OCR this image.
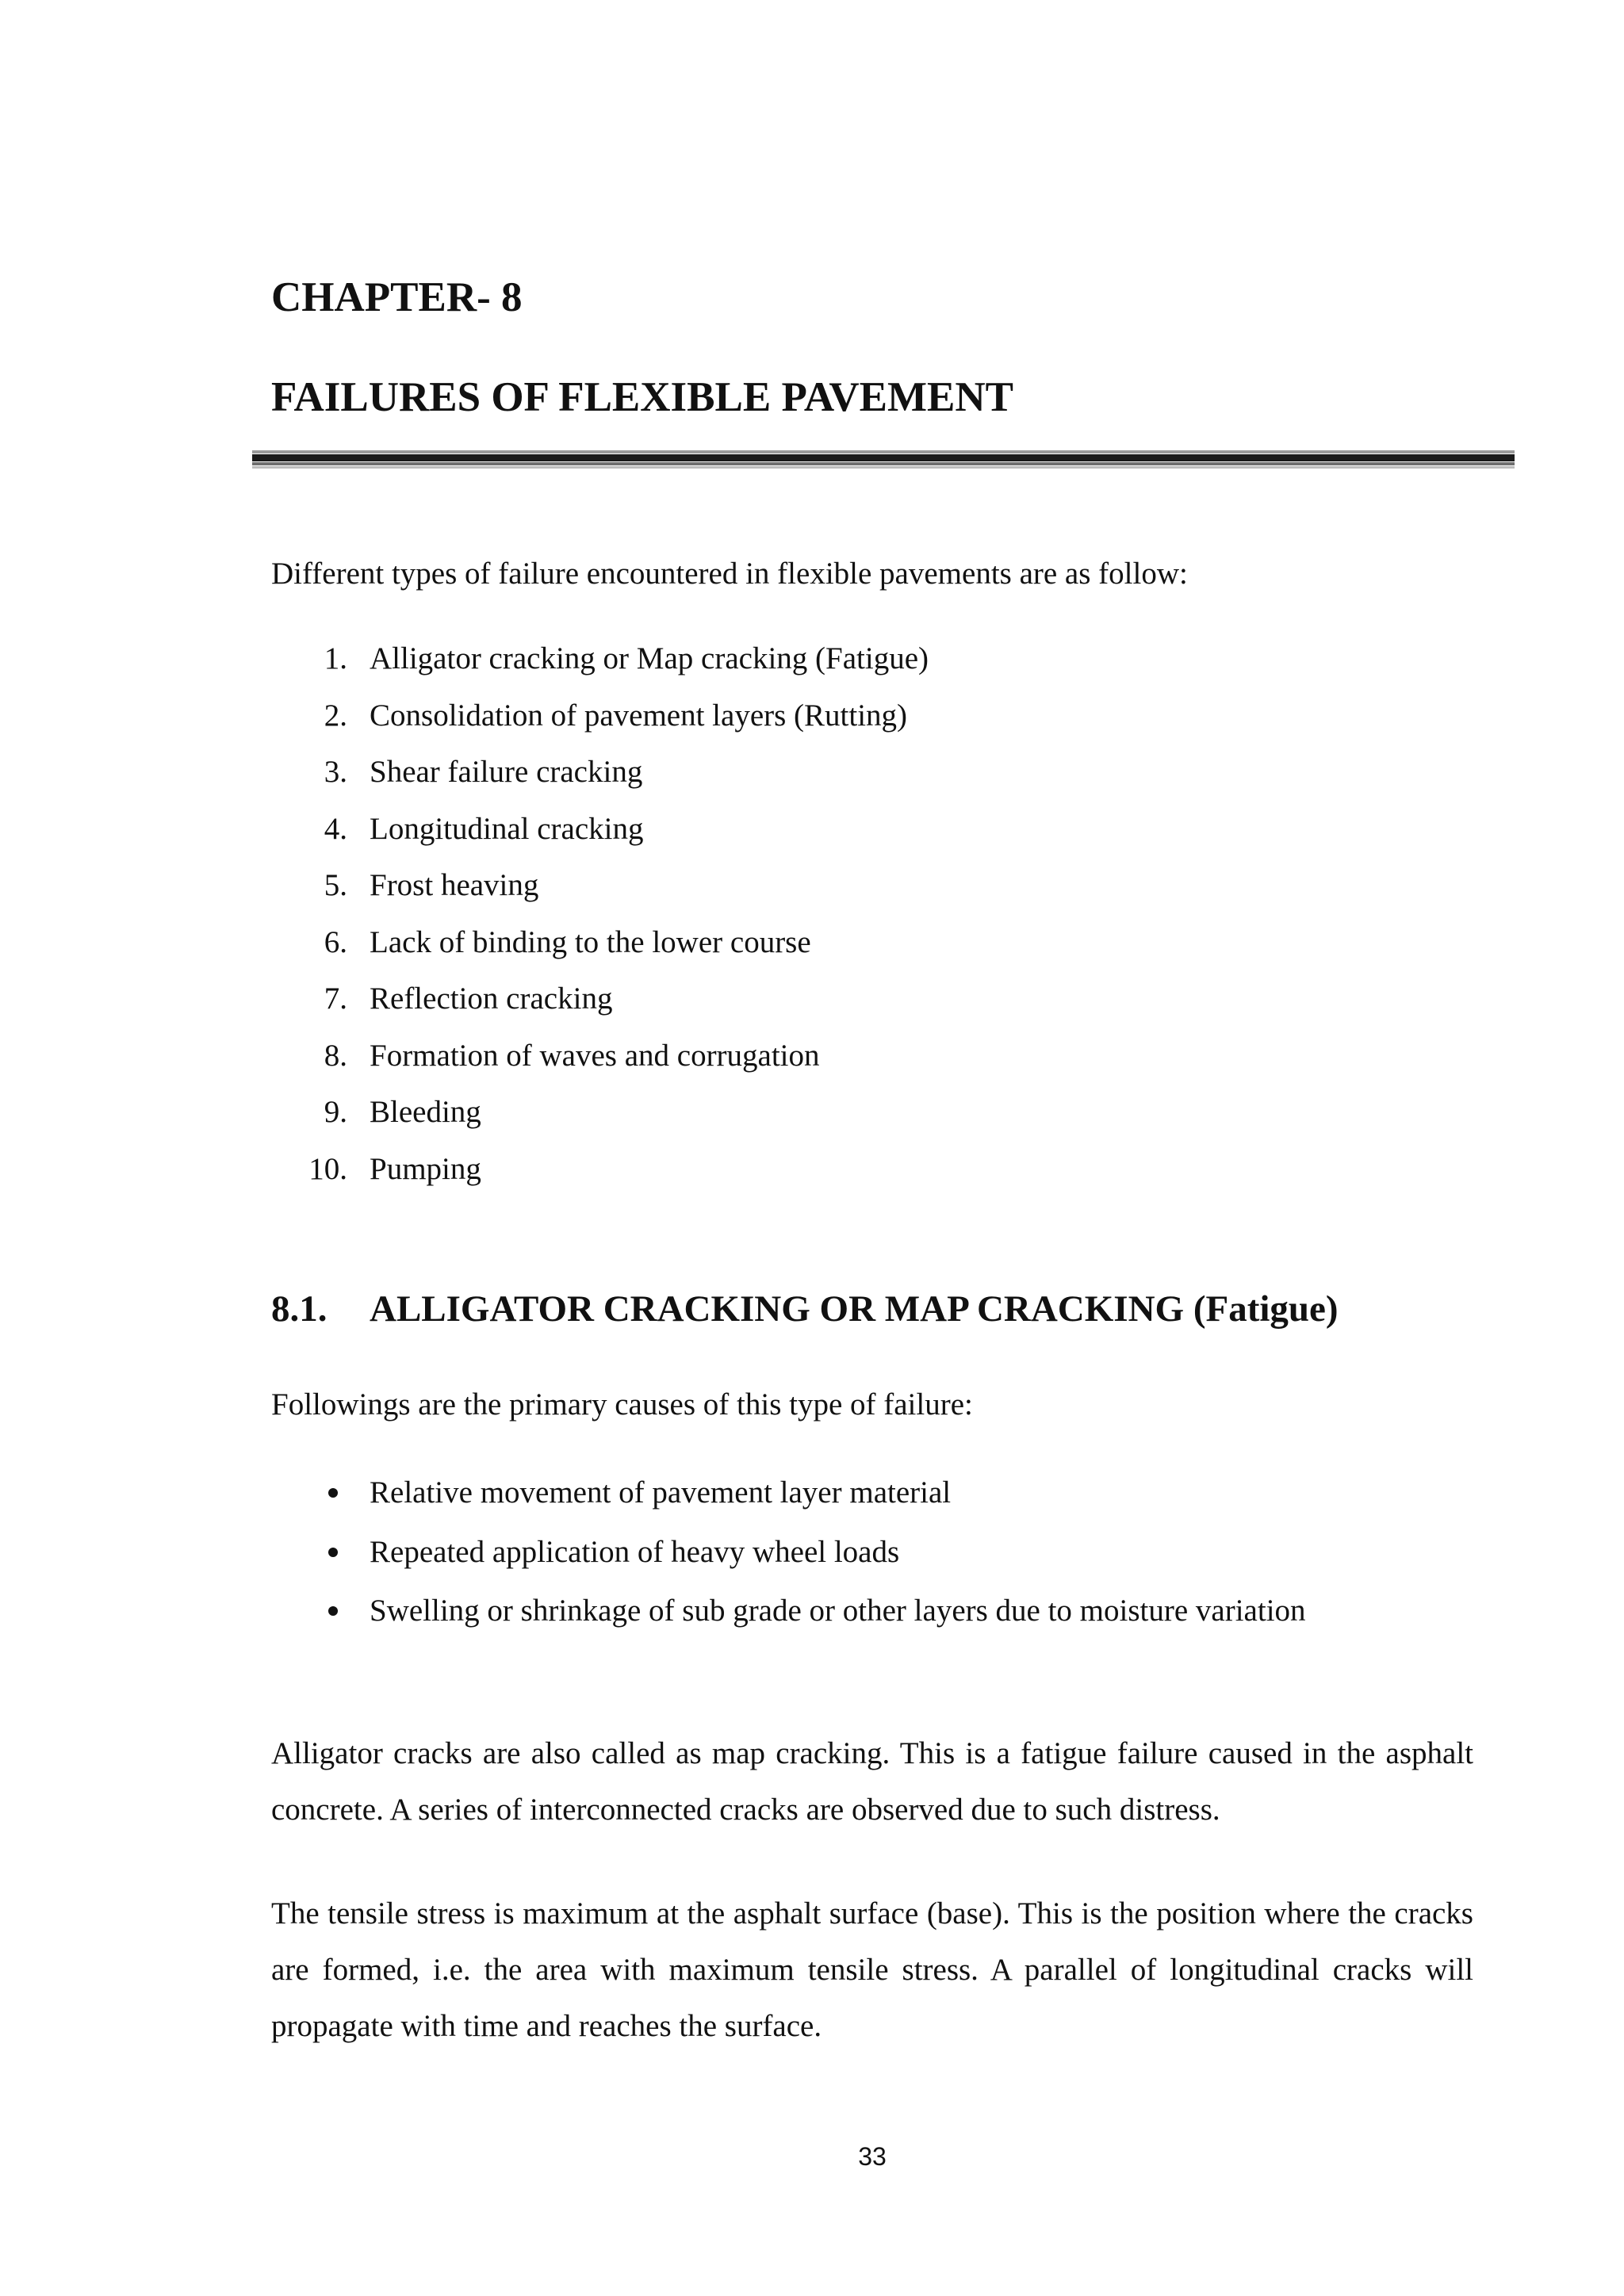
CHAPTER- 8
FAILURES OF FLEXIBLE PAVEMENT
Different types of failure encountered in flexible pavements are as follow:
1. Alligator cracking or Map cracking (Fatigue)
2. Consolidation of pavement layers (Rutting)
3. Shear failure cracking
4. Longitudinal cracking
5. Frost heaving
6. Lack of binding to the lower course
7. Reflection cracking
8. Formation of waves and corrugation
9. Bleeding
10. Pumping
8.1. ALLIGATOR CRACKING OR MAP CRACKING (Fatigue)
Followings are the primary causes of this type of failure:
Relative movement of pavement layer material
Repeated application of heavy wheel loads
Swelling or shrinkage of sub grade or other layers due to moisture variation

Alligator cracks are also called as map cracking. This is a fatigue failure caused in the asphalt concrete. A series of interconnected cracks are observed due to such distress.

The tensile stress is maximum at the asphalt surface (base). This is the position where the cracks are formed, i.e. the area with maximum tensile stress. A parallel of longitudinal cracks will propagate with time and reaches the surface.

33
